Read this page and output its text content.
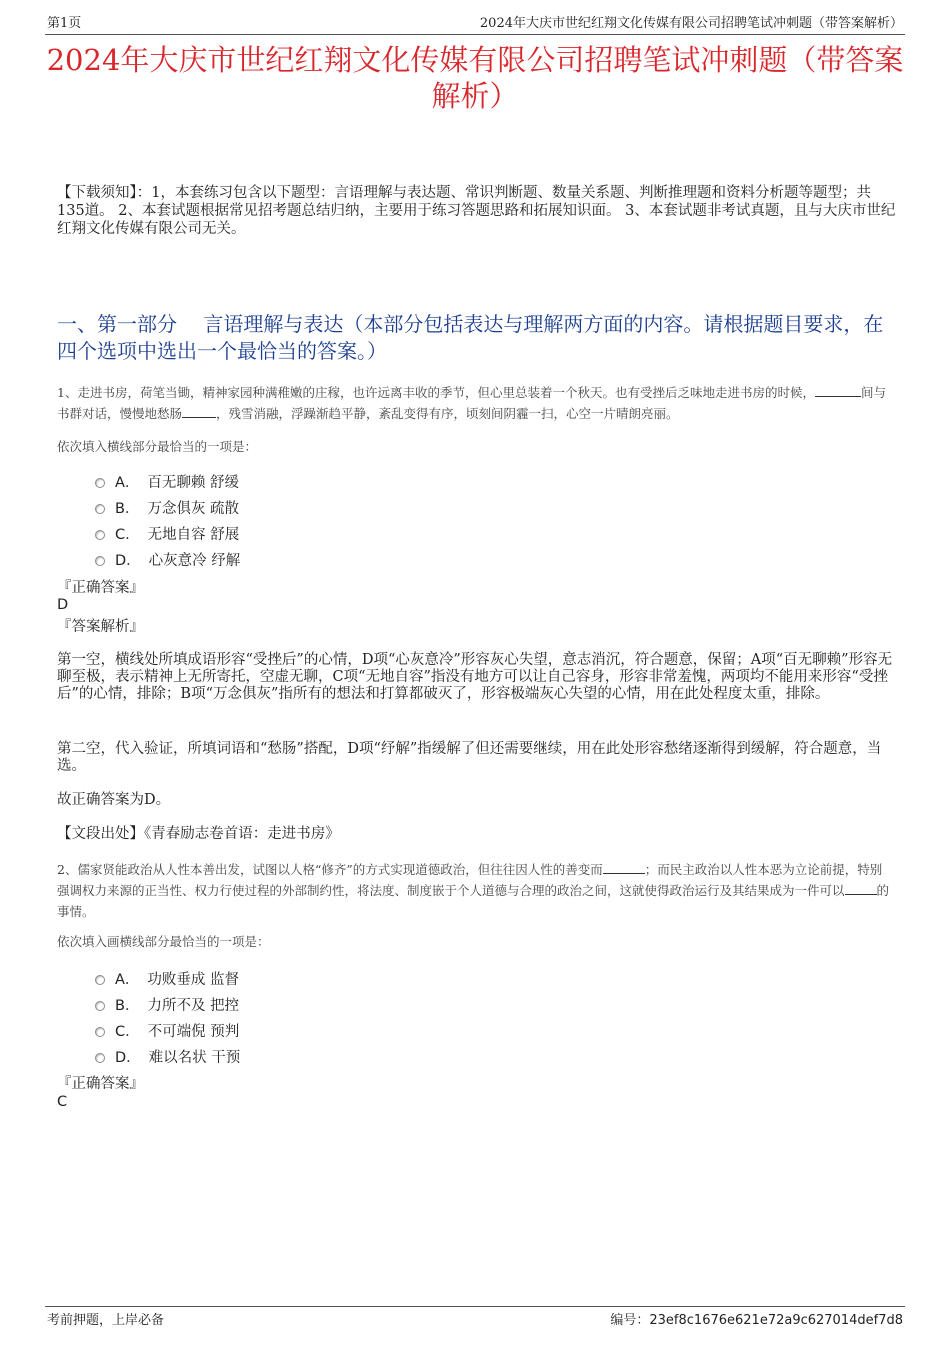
第1页	2024年大庆市世纪红翔文化传媒有限公司招聘笔试冲刺题（带答案解析）
2024年大庆市世纪红翔文化传媒有限公司招聘笔试冲刺题（带答案解析）
【下载须知】：1，本套练习包含以下题型：言语理解与表达题、常识判断题、数量关系题、判断推理题和资料分析题等题型；共135道。 2、本套试题根据常见招考题总结归纳，主要用于练习答题思路和拓展知识面。 3、本套试题非考试真题，且与大庆市世纪红翔文化传媒有限公司无关。
一、第一部分　 言语理解与表达（本部分包括表达与理解两方面的内容。请根据题目要求，在四个选项中选出一个最恰当的答案。）
1、走进书房，荷笔当锄，精神家园种满稚嫩的庄稼，也许远离丰收的季节，但心里总装着一个秋天。也有受挫后乏味地走进书房的时候，	间与书群对话，慢慢地愁肠	，残雪消融，浮躁渐趋平静，紊乱变得有序，顷刻间阴霾一扫，心空一片晴朗亮丽。
依次填入横线部分最恰当的一项是：
A． 百无聊赖 舒缓
B． 万念俱灰 疏散
C． 无地自容 舒展
D． 心灰意冷 纾解
『正确答案』
D
『答案解析』
第一空，横线处所填成语形容“受挫后”的心情，D项“心灰意冷”形容灰心失望，意志消沉，符合题意，保留；A项“百无聊赖”形容无聊至极，表示精神上无所寄托，空虚无聊，C项“无地自容”指没有地方可以让自己容身，形容非常羞愧，两项均不能用来形容“受挫后”的心情，排除；B项“万念俱灰”指所有的想法和打算都破灭了，形容极端灰心失望的心情，用在此处程度太重，排除。
第二空，代入验证，所填词语和“愁肠”搭配，D项“纾解”指缓解了但还需要继续，用在此处形容愁绪逐渐得到缓解，符合题意，当选。
故正确答案为D。
【文段出处】《青春励志卷首语：走进书房》
2、儒家贤能政治从人性本善出发，试图以人格“修齐”的方式实现道德政治，但往往因人性的善变而	；而民主政治以人性本恶为立论前提，特别强调权力来源的正当性、权力行使过程的外部制约性，将法度、制度嵌于个人道德与合理的政治之间，这就使得政治运行及其结果成为一件可以	的事情。
依次填入画横线部分最恰当的一项是：
A． 功败垂成 监督
B． 力所不及 把控
C． 不可端倪 预判
D． 难以名状 干预
『正确答案』
C
考前押题，上岸必备	编号：23ef8c1676e621e72a9c627014def7d8
